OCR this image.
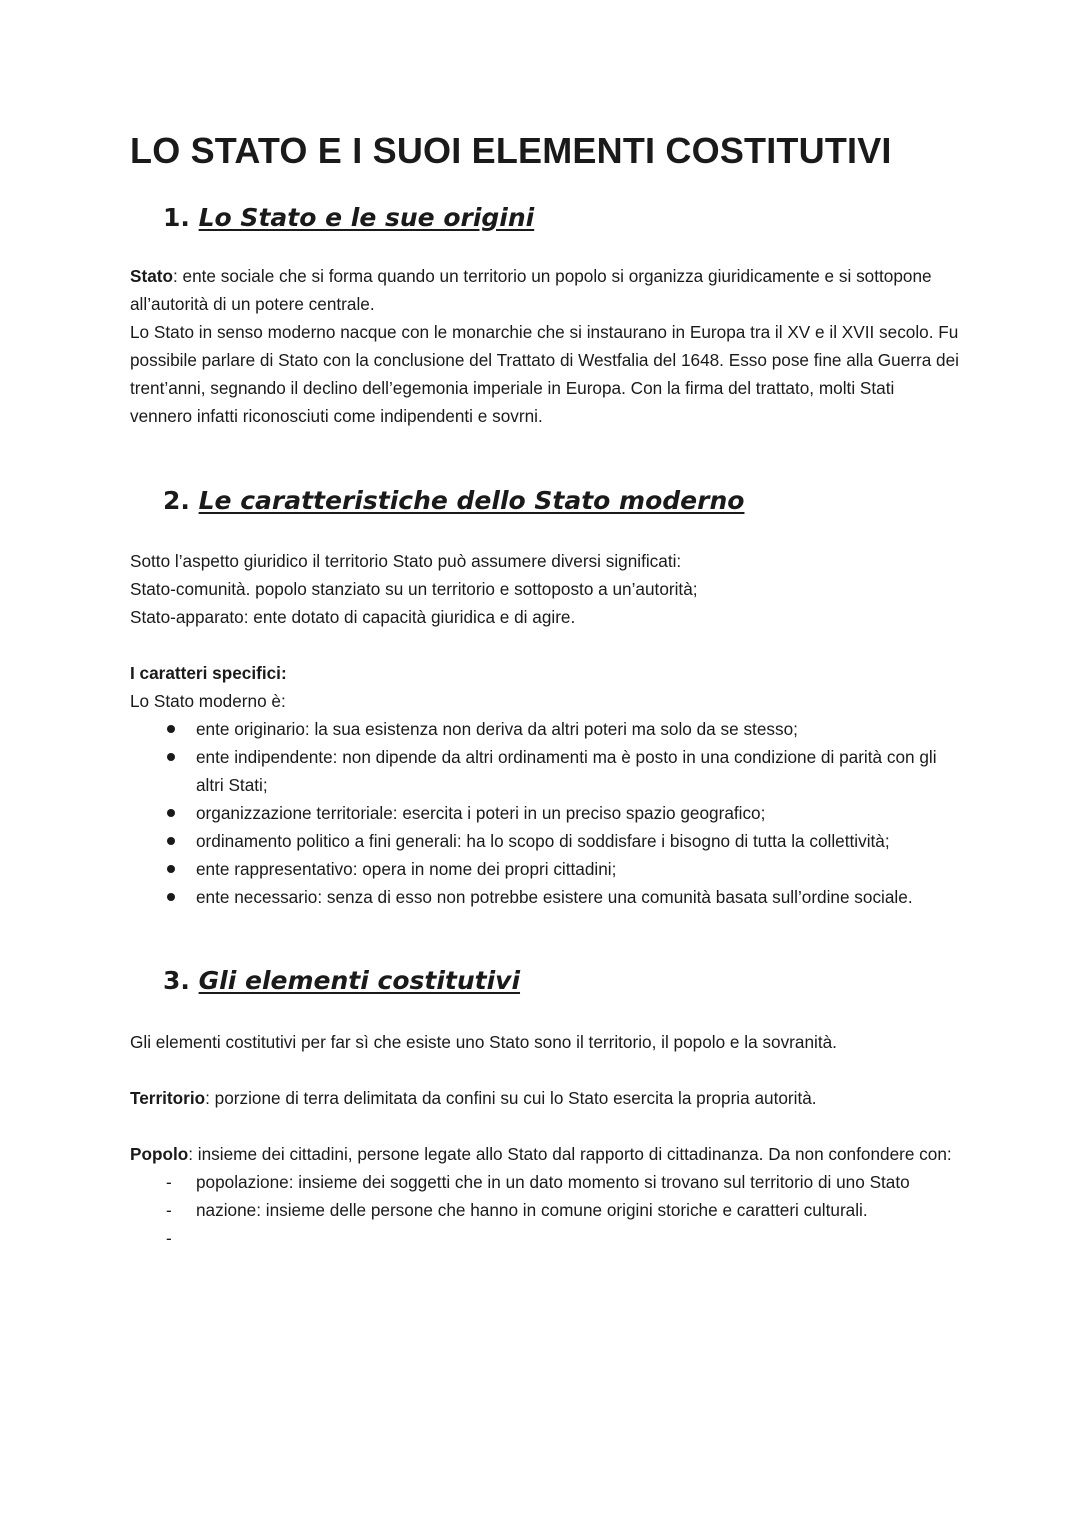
LO STATO E I SUOI ELEMENTI COSTITUTIVI
1. Lo Stato e le sue origini

Stato: ente sociale che si forma quando un territorio un popolo si organizza giuridicamente e si sottopone all’autorità di un potere centrale.

Lo Stato in senso moderno nacque con le monarchie che si instaurano in Europa tra il XV e il XVII secolo. Fu possibile parlare di Stato con la conclusione del Trattato di Westfalia del 1648. Esso pose fine alla Guerra dei trent’anni, segnando il declino dell’egemonia imperiale in Europa. Con la firma del trattato, molti Stati vennero infatti riconosciuti come indipendenti e sovrni.

2. Le caratteristiche dello Stato moderno

Sotto l’aspetto giuridico il territorio Stato può assumere diversi significati:

Stato-comunità. popolo stanziato su un territorio e sottoposto a un’autorità;

Stato-apparato: ente dotato di capacità giuridica e di agire.

I caratteri specifici:

Lo Stato moderno è:

ente originario: la sua esistenza non deriva da altri poteri ma solo da se stesso;
ente indipendente: non dipende da altri ordinamenti ma è posto in una condizione di parità con gli altri Stati;
organizzazione territoriale: esercita i poteri in un preciso spazio geografico;
ordinamento politico a fini generali: ha lo scopo di soddisfare i bisogno di tutta la collettività;
ente rappresentativo: opera in nome dei propri cittadini;
ente necessario: senza di esso non potrebbe esistere una comunità basata sull’ordine sociale.
3. Gli elementi costitutivi

Gli elementi costitutivi per far sì che esiste uno Stato sono il territorio, il popolo e la sovranità.

Territorio: porzione di terra delimitata da confini su cui lo Stato esercita la propria autorità.

Popolo: insieme dei cittadini, persone legate allo Stato dal rapporto di cittadinanza. Da non confondere con:

- popolazione: insieme dei soggetti che in un dato momento si trovano sul territorio di uno Stato
- nazione: insieme delle persone che hanno in comune origini storiche e caratteri culturali.
-
